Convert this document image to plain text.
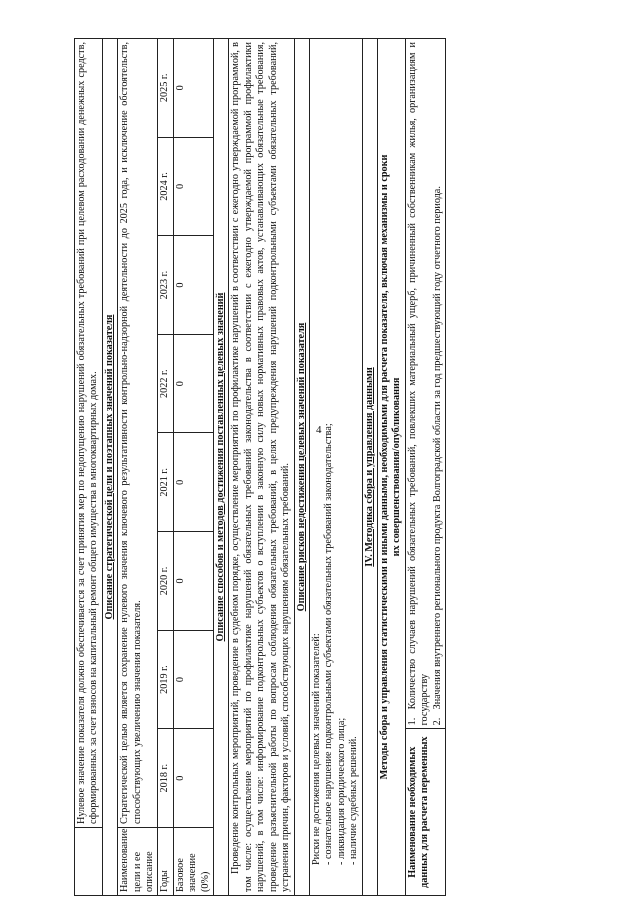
4
	Нулевое значение показателя должно обеспечивается за счет принятия мер по недопущению нарушений обязательных требований при целевом расходовании денежных средств, сформированных за счет взносов на капитальный ремонт общего имущества в многоквартирных домах.							
Описание стратегической цели и поэтапных значений показателя								
Наименование цели и ее описание	Стратегической целью является сохранение нулевого значения ключевого результативности контрольно-надзорной деятельности до 2025 года, и исключение обстоятельств, способствующих увеличению значения показателя.							
Годы	2018 г.	2019 г.	2020 г.	2021 г.	2022 г.	2023 г.	2024 г.	2025 г.
Базовое значение (0%)	0	0	0	0	0	0	0	0
Описание способов и методов достижения поставленных целевых значений								
Проведение контрольных мероприятий, проведение в судебном порядке, осуществление мероприятий по профилактике нарушений в соответствии с ежегодно утверждаемой программой, в том числе: осуществление мероприятий по профилактике нарушений обязательных требований законодательства в соответствии с ежегодно утверждаемой программой профилактики нарушений, в том числе: информирование подконтрольных субъектов о вступлении в законную силу новых нормативных правовых актов, устанавливающих обязательные требования, проведение разъяснительной работы по вопросам соблюдения обязательных требований, в целях предупреждения нарушений подконтрольными субъектами обязательных требований, устранения причин, факторов и условий, способствующих нарушениям обязательных требований.								
Описание рисков недостижения целевых значений показателя								

Риски не достижения целевых значений показателей: - сознательное нарушение подконтрольными субъектами обязательных требований законодательства; - ликвидация юридического лица; - наличие судебных решений.								

IV. Методика сбора и управления данными								
Методы сбора и управления статистическими и иными данными, необходимыми для расчета показателя, включая механизмы и сроки их совершенствования/опубликования								

Наименование необходимых данных для расчета переменных		1.Количество случаев нарушений обязательных требований, повлекших материальный ущерб, причиненный собственникам жилья, организациям и государству 2.Значения внутреннего регионального продукта Волгоградской области за год предшествующий году отчетного периода.						
